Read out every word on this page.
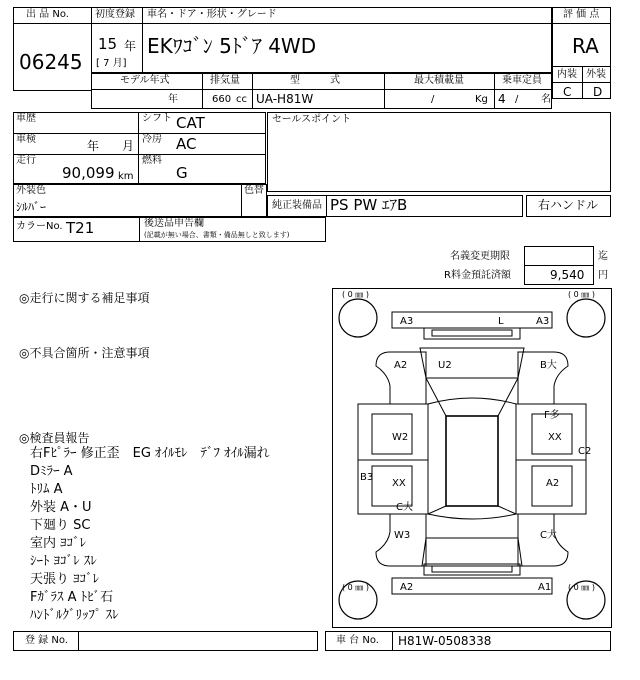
出 品 No.
06245
初度登録 車名・ドア・形状・グレード
15 年
[ 7 月]
EKﾜｺﾞﾝ 5ﾄﾞｱ 4WD
評 価 点
RA
内装 外装
C D
モデル年式	排気量	型　　　式	最大積載量	乗車定員
年	660 cc UA-H81W	/	Kg 4 / 名
車歴
車検	年 月
走行
90,099 km
シフト CAT
冷房 AC
燃料
G
セールスポイント
外装色
ｼﾙﾊﾞｰ
色替
純正装備品 PS PW ｴｱB	右ハンドル
カラーNo. T21	後送品申告欄
(記載が無い場合、書類・備品無しと致します)
名義変更期限	迄
R料金預託済額	9,540 円
◎走行に関する補足事項
◎不具合箇所・注意事項
◎検査員報告
右Fﾋﾟﾗｰ 修正歪　EG ｵｲﾙﾓﾚ　ﾃﾞﾌ ｵｲﾙ漏れ
Dﾐﾗｰ A
ﾄﾘﾑ A
外装 A・U
下廻り SC
室内 ﾖｺﾞﾚ
ｼｰﾄ ﾖｺﾞﾚ ｽﾚ
天張り ﾖｺﾞﾚ
Fｶﾞﾗｽ A ﾄﾋﾞ石
ﾊﾝﾄﾞﾙｸﾞﾘｯﾌﾟ ｽﾚ
( 0 ㎜ )	( 0 ㎜ )
( 0 ㎜ )	( 0 ㎜ )
A3	L	A3
A2	U2	B大
F多
W2	XX
C2
B3
XX	A2
C大
W3	C大
A2	A1
登 録 No.	車 台 No. H81W-0508338
